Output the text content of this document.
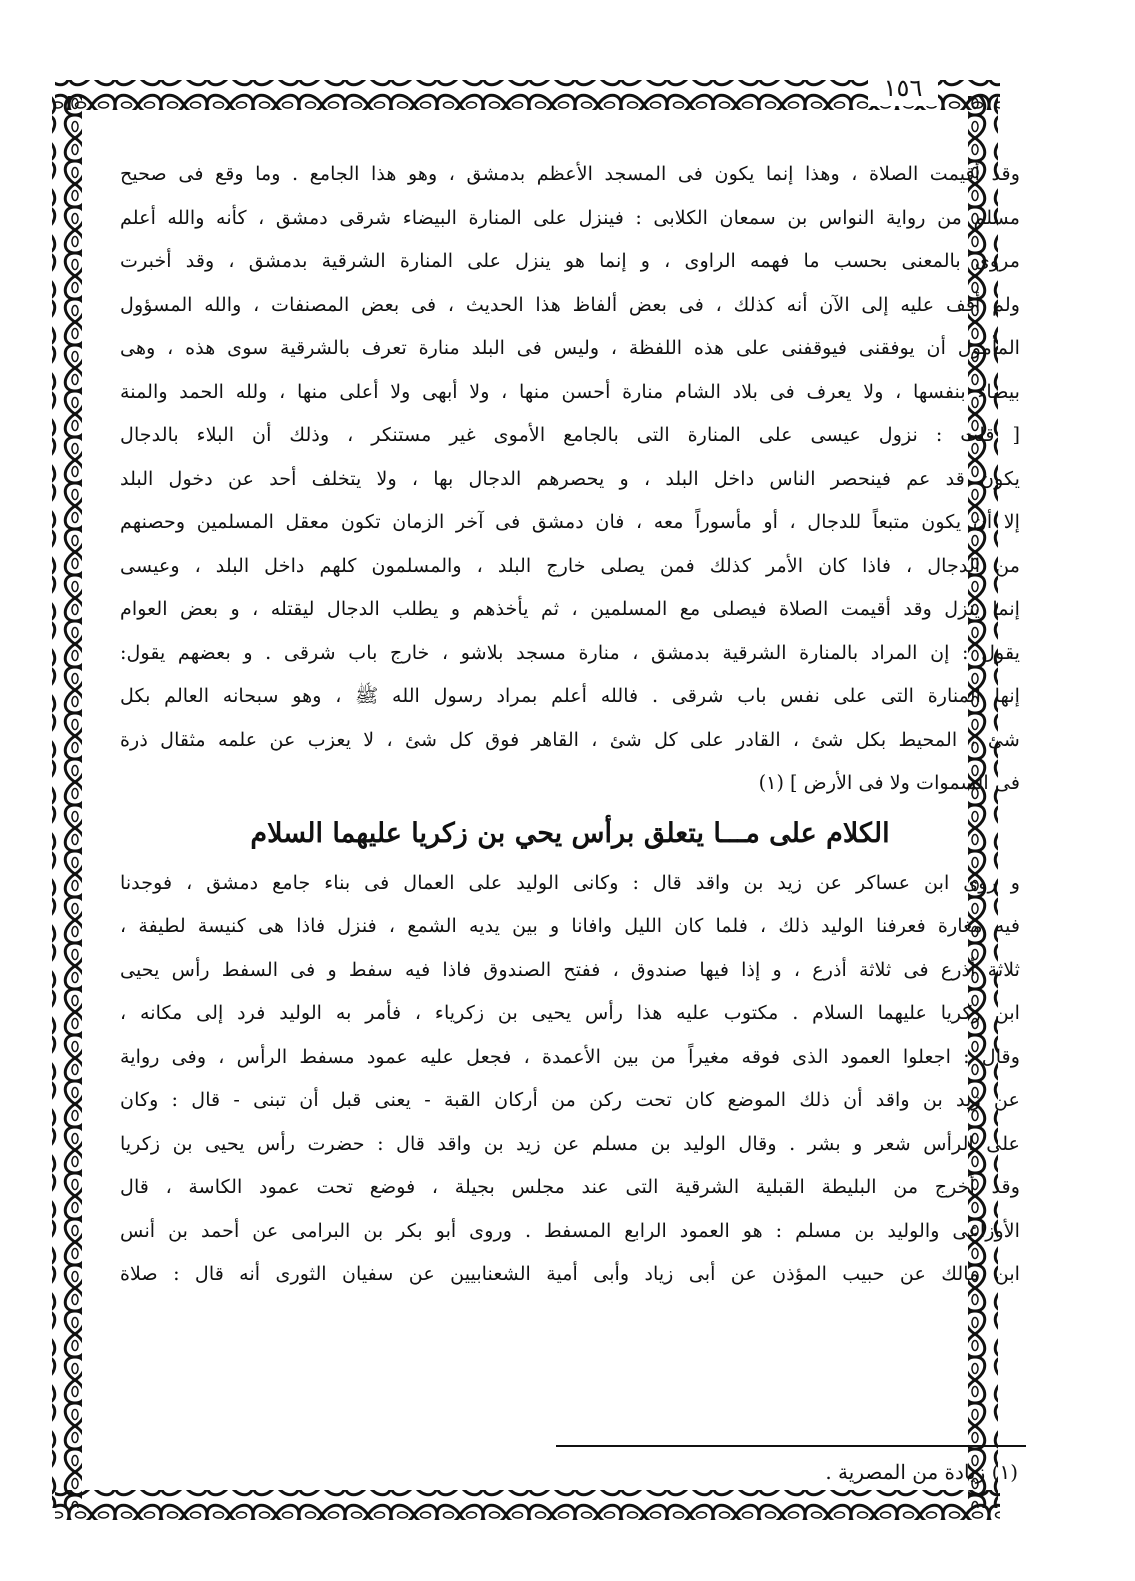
١٥٦

وقد أقيمت الصلاة ، وهذا إنما يكون فى المسجد الأعظم بدمشق ، وهو هذا الجامع . وما وقع فى صحيح

مسلم من رواية النواس بن سمعان الكلابى : فينزل على المنارة البيضاء شرقى دمشق ، كأنه والله أعلم

مروى بالمعنى بحسب ما فهمه الراوى ، و إنما هو ينزل على المنارة الشرقية بدمشق ، وقد أخبرت

ولم أقف عليه إلى الآن أنه كذلك ، فى بعض ألفاظ هذا الحديث ، فى بعض المصنفات ، والله المسؤول

المأمول أن يوفقنى فيوقفنى على هذه اللفظة ، وليس فى البلد منارة تعرف بالشرقية سوى هذه ، وهى

بيضاء بنفسها ، ولا يعرف فى بلاد الشام منارة أحسن منها ، ولا أبهى ولا أعلى منها ، ولله الحمد والمنة

[ قلت : نزول عيسى على المنارة التى بالجامع الأموى غير مستنكر ، وذلك أن البلاء بالدجال

يكون قد عم فينحصر الناس داخل البلد ، و يحصرهم الدجال بها ، ولا يتخلف أحد عن دخول البلد

إلا أن يكون متبعاً للدجال ، أو مأسوراً معه ، فان دمشق فى آخر الزمان تكون معقل المسلمين وحصنهم

من الدجال ، فاذا كان الأمر كذلك فمن يصلى خارج البلد ، والمسلمون كلهم داخل البلد ، وعيسى

إنما ينزل وقد أقيمت الصلاة فيصلى مع المسلمين ، ثم يأخذهم و يطلب الدجال ليقتله ، و بعض العوام

يقول : إن المراد بالمنارة الشرقية بدمشق ، منارة مسجد بلاشو ، خارج باب شرقى . و بعضهم يقول:

إنها المنارة التى على نفس باب شرقى . فالله أعلم بمراد رسول الله ﷺ ، وهو سبحانه العالم بكل

شئ ، المحيط بكل شئ ، القادر على كل شئ ، القاهر فوق كل شئ ، لا يعزب عن علمه مثقال ذرة

فى السموات ولا فى الأرض ] (١)

الكلام على مـــا يتعلق برأس يحي بن زكريا عليهما السلام

و روى ابن عساكر عن زيد بن واقد قال : وكانى الوليد على العمال فى بناء جامع دمشق ، فوجدنا

فيه مغارة فعرفنا الوليد ذلك ، فلما كان الليل وافانا و بين يديه الشمع ، فنزل فاذا هى كنيسة لطيفة ،

ثلاثة أذرع فى ثلاثة أذرع ، و إذا فيها صندوق ، ففتح الصندوق فاذا فيه سفط و فى السفط رأس يحيى

ابن زكريا عليهما السلام . مكتوب عليه هذا رأس يحيى بن زكرياء ، فأمر به الوليد فرد إلى مكانه ،

وقال : اجعلوا العمود الذى فوقه مغيراً من بين الأعمدة ، فجعل عليه عمود مسفط الرأس ، وفى رواية

عن زيد بن واقد أن ذلك الموضع كان تحت ركن من أركان القبة - يعنى قبل أن تبنى - قال : وكان

على الرأس شعر و بشر . وقال الوليد بن مسلم عن زيد بن واقد قال : حضرت رأس يحيى بن زكريا

وقد أخرج من البليطة القبلية الشرقية التى عند مجلس بجيلة ، فوضع تحت عمود الكاسة ، قال

الأوزاعى والوليد بن مسلم : هو العمود الرابع المسفط . وروى أبو بكر بن البرامى عن أحمد بن أنس

ابن مالك عن حبيب المؤذن عن أبى زياد وأبى أمية الشعنابيين عن سفيان الثورى أنه قال : صلاة

(١) زيادة من المصرية .
